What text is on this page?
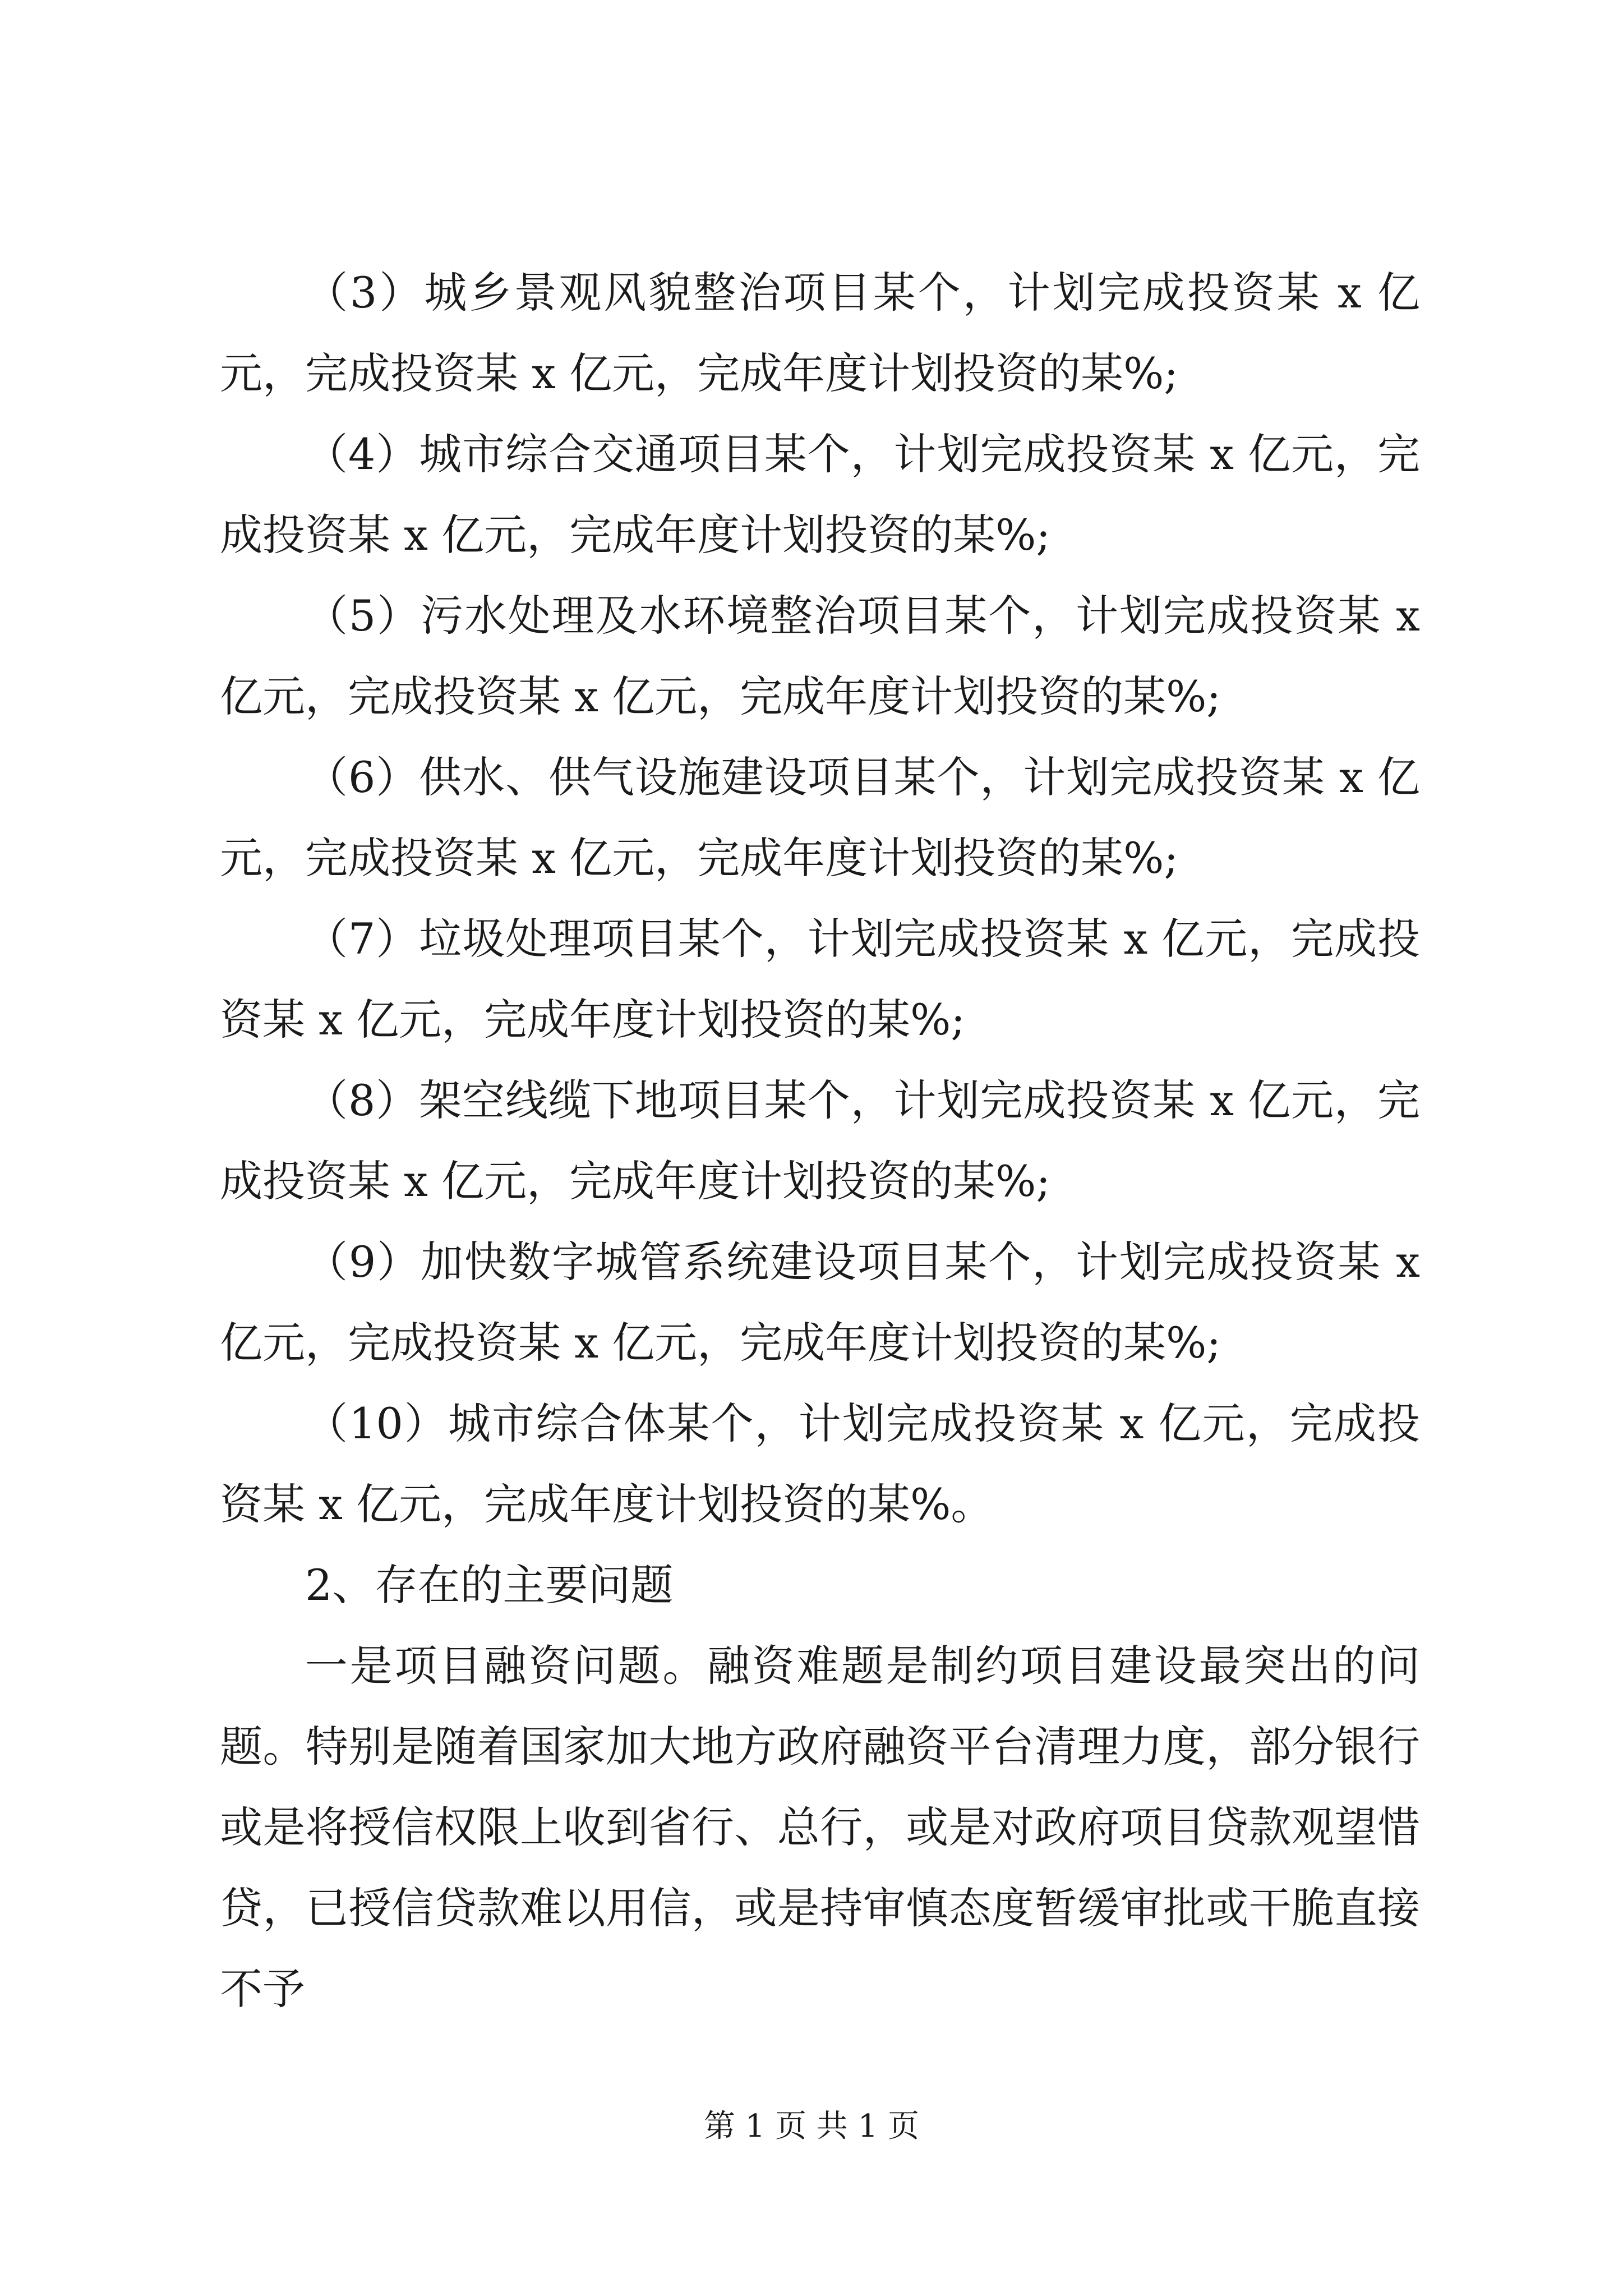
（3）城乡景观风貌整治项目某个，计划完成投资某 x 亿元，完成投资某 x 亿元，完成年度计划投资的某%;

（4）城市综合交通项目某个，计划完成投资某 x 亿元，完成投资某 x 亿元，完成年度计划投资的某%;

（5）污水处理及水环境整治项目某个，计划完成投资某 x 亿元，完成投资某 x 亿元，完成年度计划投资的某%;

（6）供水、供气设施建设项目某个，计划完成投资某 x 亿元，完成投资某 x 亿元，完成年度计划投资的某%;

（7）垃圾处理项目某个，计划完成投资某 x 亿元，完成投资某 x 亿元，完成年度计划投资的某%;

（8）架空线缆下地项目某个，计划完成投资某 x 亿元，完成投资某 x 亿元，完成年度计划投资的某%;

（9）加快数字城管系统建设项目某个，计划完成投资某 x 亿元，完成投资某 x 亿元，完成年度计划投资的某%;

（10）城市综合体某个，计划完成投资某 x 亿元，完成投资某 x 亿元，完成年度计划投资的某%。

2、存在的主要问题

一是项目融资问题。融资难题是制约项目建设最突出的问题。特别是随着国家加大地方政府融资平台清理力度，部分银行或是将授信权限上收到省行、总行，或是对政府项目贷款观望惜贷，已授信贷款难以用信，或是持审慎态度暂缓审批或干脆直接不予

第 1 页 共 1 页
